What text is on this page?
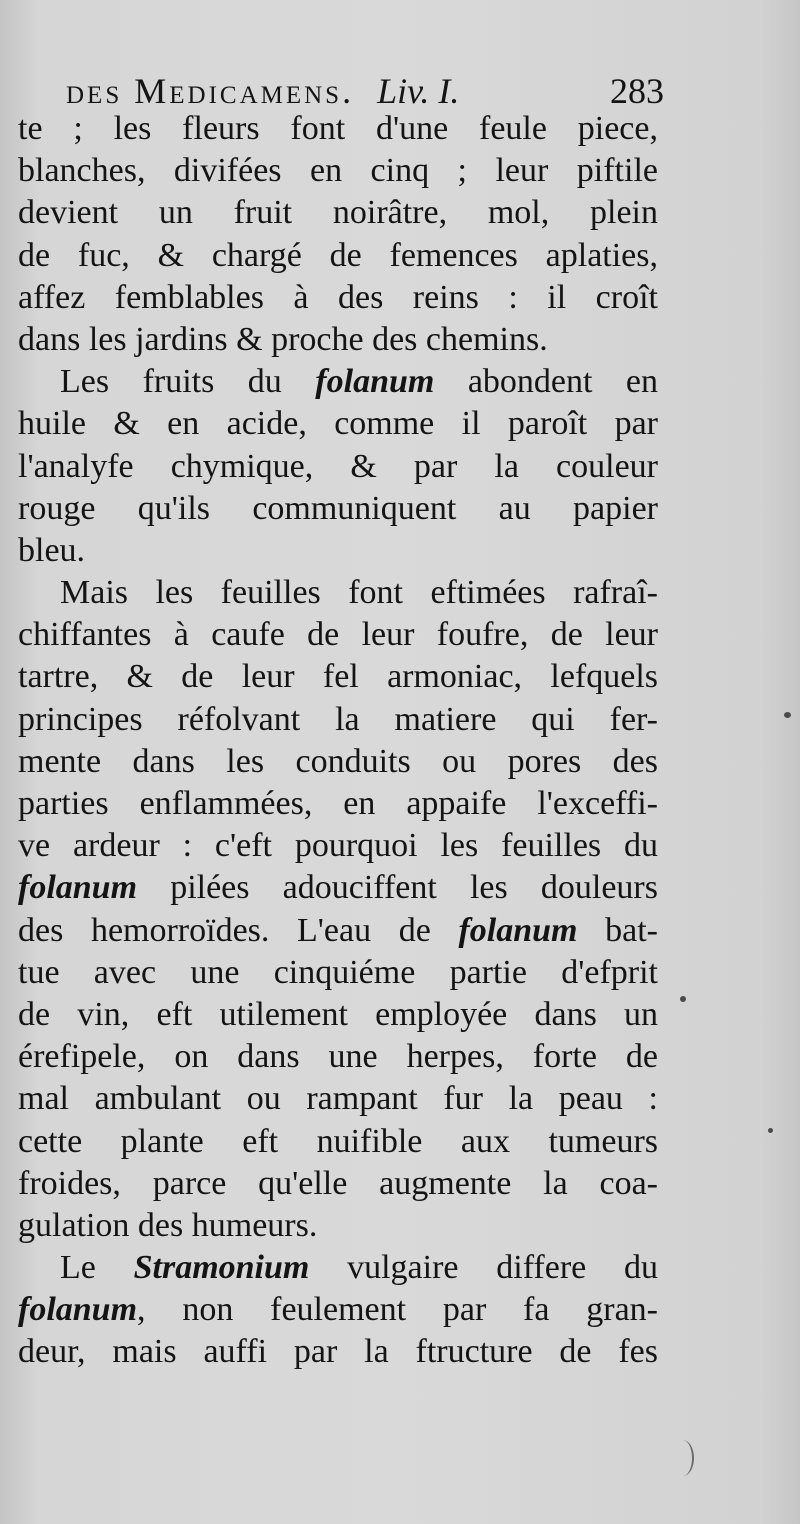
des Medicamens. Liv. I.	283
te ; les fleurs font d'une feule piece,
blanches, divifées en cinq ; leur piftile
devient un fruit noirâtre, mol, plein
de fuc, & chargé de femences aplaties,
affez femblables à des reins : il croît
dans les jardins & proche des chemins.
Les fruits du folanum abondent en
huile & en acide, comme il paroît par
l'analyfe chymique, & par la couleur
rouge qu'ils communiquent au papier
bleu.
Mais les feuilles font eftimées rafraî-
chiffantes à caufe de leur foufre, de leur
tartre, & de leur fel armoniac, lefquels
principes réfolvant la matiere qui fer-
mente dans les conduits ou pores des
parties enflammées, en appaife l'exceffi-
ve ardeur : c'eft pourquoi les feuilles du
folanum pilées adouciffent les douleurs
des hemorroïdes. L'eau de folanum bat-
tue avec une cinquiéme partie d'efprit
de vin, eft utilement employée dans un
érefipele, on dans une herpes, forte de
mal ambulant ou rampant fur la peau :
cette plante eft nuifible aux tumeurs
froides, parce qu'elle augmente la coa-
gulation des humeurs.
Le Stramonium vulgaire differe du
folanum, non feulement par fa gran-
deur, mais auffi par la ftructure de fes
